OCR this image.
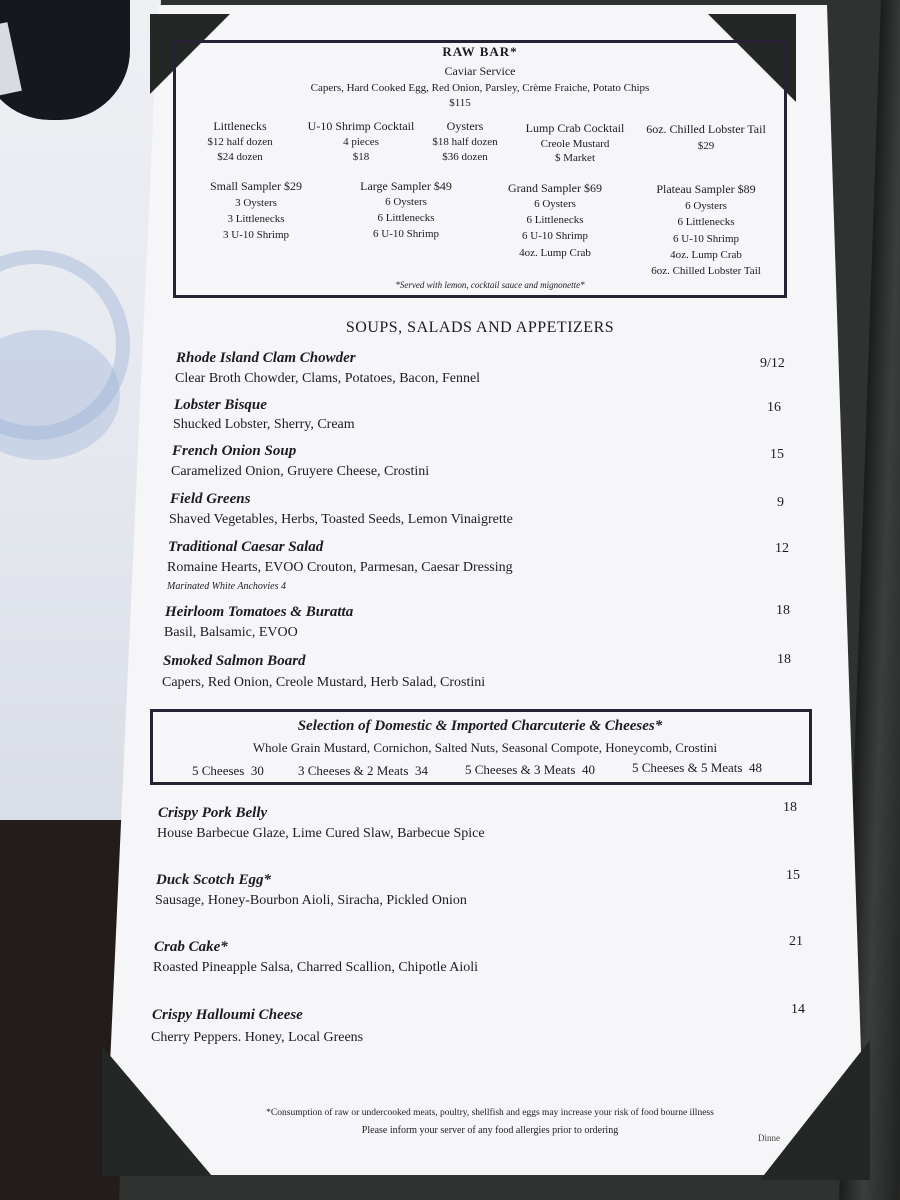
RAW BAR*
Caviar Service
Capers, Hard Cooked Egg, Red Onion, Parsley, Crème Fraiche, Potato Chips
$115
Littlenecks
$12 half dozen
$24 dozen
U-10 Shrimp Cocktail
4 pieces
$18
Oysters
$18 half dozen
$36 dozen
Lump Crab Cocktail
Creole Mustard
$ Market
6oz. Chilled Lobster Tail
$29
Small Sampler $29
3 Oysters
3 Littlenecks
3 U-10 Shrimp
Large Sampler $49
6 Oysters
6 Littlenecks
6 U-10 Shrimp
Grand Sampler $69
6 Oysters
6 Littlenecks
6 U-10 Shrimp
4oz. Lump Crab
Plateau Sampler $89
6 Oysters
6 Littlenecks
6 U-10 Shrimp
4oz. Lump Crab
6oz. Chilled Lobster Tail
*Served with lemon, cocktail sauce and mignonette*
SOUPS, SALADS AND APPETIZERS
Rhode Island Clam Chowder
Clear Broth Chowder, Clams, Potatoes, Bacon, Fennel
9/12
Lobster Bisque
Shucked Lobster, Sherry, Cream
16
French Onion Soup
Caramelized Onion, Gruyere Cheese, Crostini
15
Field Greens
Shaved Vegetables, Herbs, Toasted Seeds, Lemon Vinaigrette
9
Traditional Caesar Salad
Romaine Hearts, EVOO Crouton, Parmesan, Caesar Dressing
Marinated White Anchovies 4
12
Heirloom Tomatoes & Buratta
Basil, Balsamic, EVOO
18
Smoked Salmon Board
Capers, Red Onion, Creole Mustard, Herb Salad, Crostini
18
Selection of Domestic & Imported Charcuterie & Cheeses*
Whole Grain Mustard, Cornichon, Salted Nuts, Seasonal Compote, Honeycomb, Crostini
5 Cheeses 30	3 Cheeses & 2 Meats 34	5 Cheeses & 3 Meats 40	5 Cheeses & 5 Meats 48
Crispy Pork Belly
House Barbecue Glaze, Lime Cured Slaw, Barbecue Spice
18
Duck Scotch Egg*
Sausage, Honey-Bourbon Aioli, Siracha, Pickled Onion
15
Crab Cake*
Roasted Pineapple Salsa, Charred Scallion, Chipotle Aioli
21
Crispy Halloumi Cheese
Cherry Peppers. Honey, Local Greens
14
*Consumption of raw or undercooked meats, poultry, shellfish and eggs may increase your risk of food bourne illness
Please inform your server of any food allergies prior to ordering
Dinne
